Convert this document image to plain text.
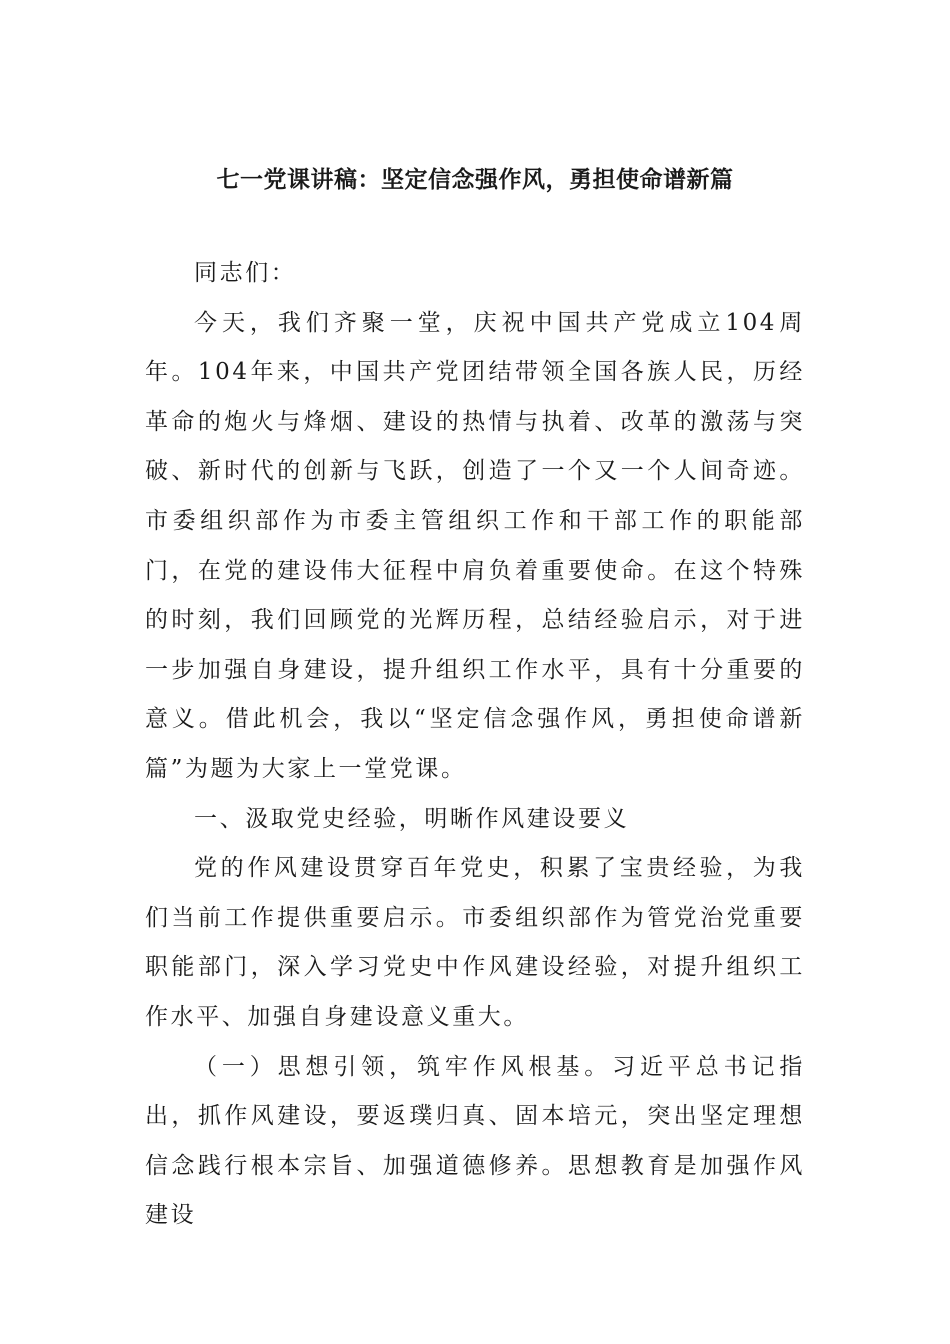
七一党课讲稿：坚定信念强作风，勇担使命谱新篇

同志们：

今天，我们齐聚一堂，庆祝中国共产党成立104周年。104年来，中国共产党团结带领全国各族人民，历经革命的炮火与烽烟、建设的热情与执着、改革的激荡与突破、新时代的创新与飞跃，创造了一个又一个人间奇迹。市委组织部作为市委主管组织工作和干部工作的职能部门，在党的建设伟大征程中肩负着重要使命。在这个特殊的时刻，我们回顾党的光辉历程，总结经验启示，对于进一步加强自身建设，提升组织工作水平，具有十分重要的意义。借此机会，我以“坚定信念强作风，勇担使命谱新篇”为题为大家上一堂党课。

一、汲取党史经验，明晰作风建设要义

党的作风建设贯穿百年党史，积累了宝贵经验，为我们当前工作提供重要启示。市委组织部作为管党治党重要职能部门，深入学习党史中作风建设经验，对提升组织工作水平、加强自身建设意义重大。

（一）思想引领，筑牢作风根基。习近平总书记指出，抓作风建设，要返璞归真、固本培元，突出坚定理想信念践行根本宗旨、加强道德修养。思想教育是加强作风建设
